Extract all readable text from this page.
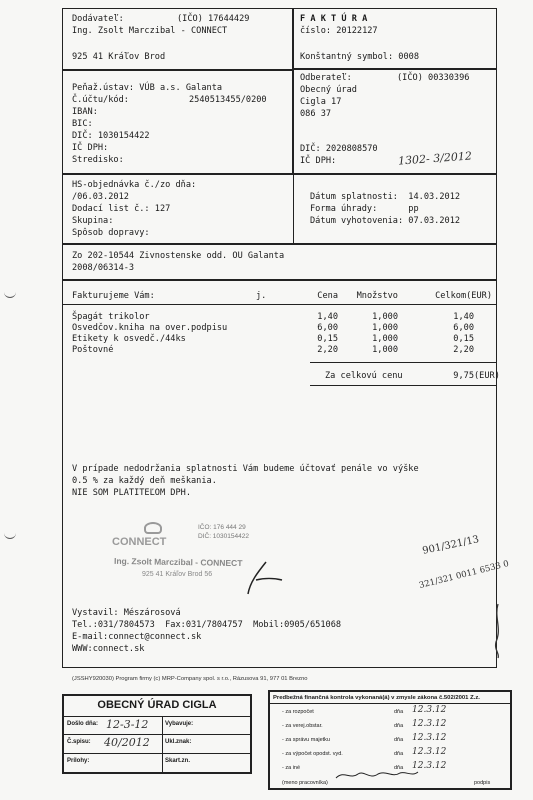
Dodávateľ:	(IČO) 17644429
Ing. Zsolt Marczibal - CONNECT
925 41 Kráľov Brod
F A K T Ú R A
číslo: 20122127
Konštantný symbol: 0008
Peňaž.ústav: VÚB a.s. Galanta
Č.účtu/kód:	2540513455/0200
IBAN:
BIC:
DIČ: 1030154422
IČ DPH:
Stredisko:
Odberateľ:	(IČO) 00330396
Obecný úrad
Cigla 17
086 37
DIČ: 2020808570
IČ DPH:	1302- 3/2012
HS-objednávka č./zo dňa:
/06.03.2012
Dodací list č.: 127
Skupina:
Spôsob dopravy:
Dátum splatnosti:  14.03.2012
Forma úhrady:      pp
Dátum vyhotovenia: 07.03.2012
Zo 202-10544 Zivnostenske odd. OU Galanta
2008/06314-3
Fakturujeme Vám:	j.	Cena	Množstvo	Celkom(EUR)
Špagát trikolor	1,40	1,000	1,40
Osvedčov.kniha na over.podpisu	6,00	1,000	6,00
Etikety k osvedč./44ks	0,15	1,000	0,15
Poštovné	2,20	1,000	2,20
Za celkovú cenu	9,75 (EUR)
V prípade nedodržania splatnosti Vám budeme účtovať penále vo výške
0.5 % za každý deň meškania.
NIE SOM PLATITEĽOM DPH.
CONNECT
IČO: 176 444 29
DIČ: 1030154422
Ing. Zsolt Marczibal - CONNECT
925 41 Kráľov Brod 56
901/321/13
321/321 0011 6533 0
Vystavil: Mészárosová
Tel.:031/7804573  Fax:031/7804757  Mobil:0905/651068
E-mail:connect@connect.sk
WWW:connect.sk
(JSSHY920030) Program firmy (c) MRP-Company spol. s r.o., Rázusova 91, 977 01 Brezno
OBECNÝ ÚRAD CIGLA
Došlo dňa: 12-3-12	Vybavuje:
Č.spisu: 40/2012	Ukl.znak:
Prílohy:	Skart.zn.
Predbežná finančná kontrola vykonaná(á) v zmysle zákona č.502/2001 Z.z.
- za rozpočet	dňa 12.3.12
- za verej.obstar.	dňa 12.3.12
- za správu majetku	dňa 12.3.12
- za výpočet opodst. vyd.	dňa 12.3.12
- za iné	dňa 12.3.12
(meno pracovníka)	podpis
